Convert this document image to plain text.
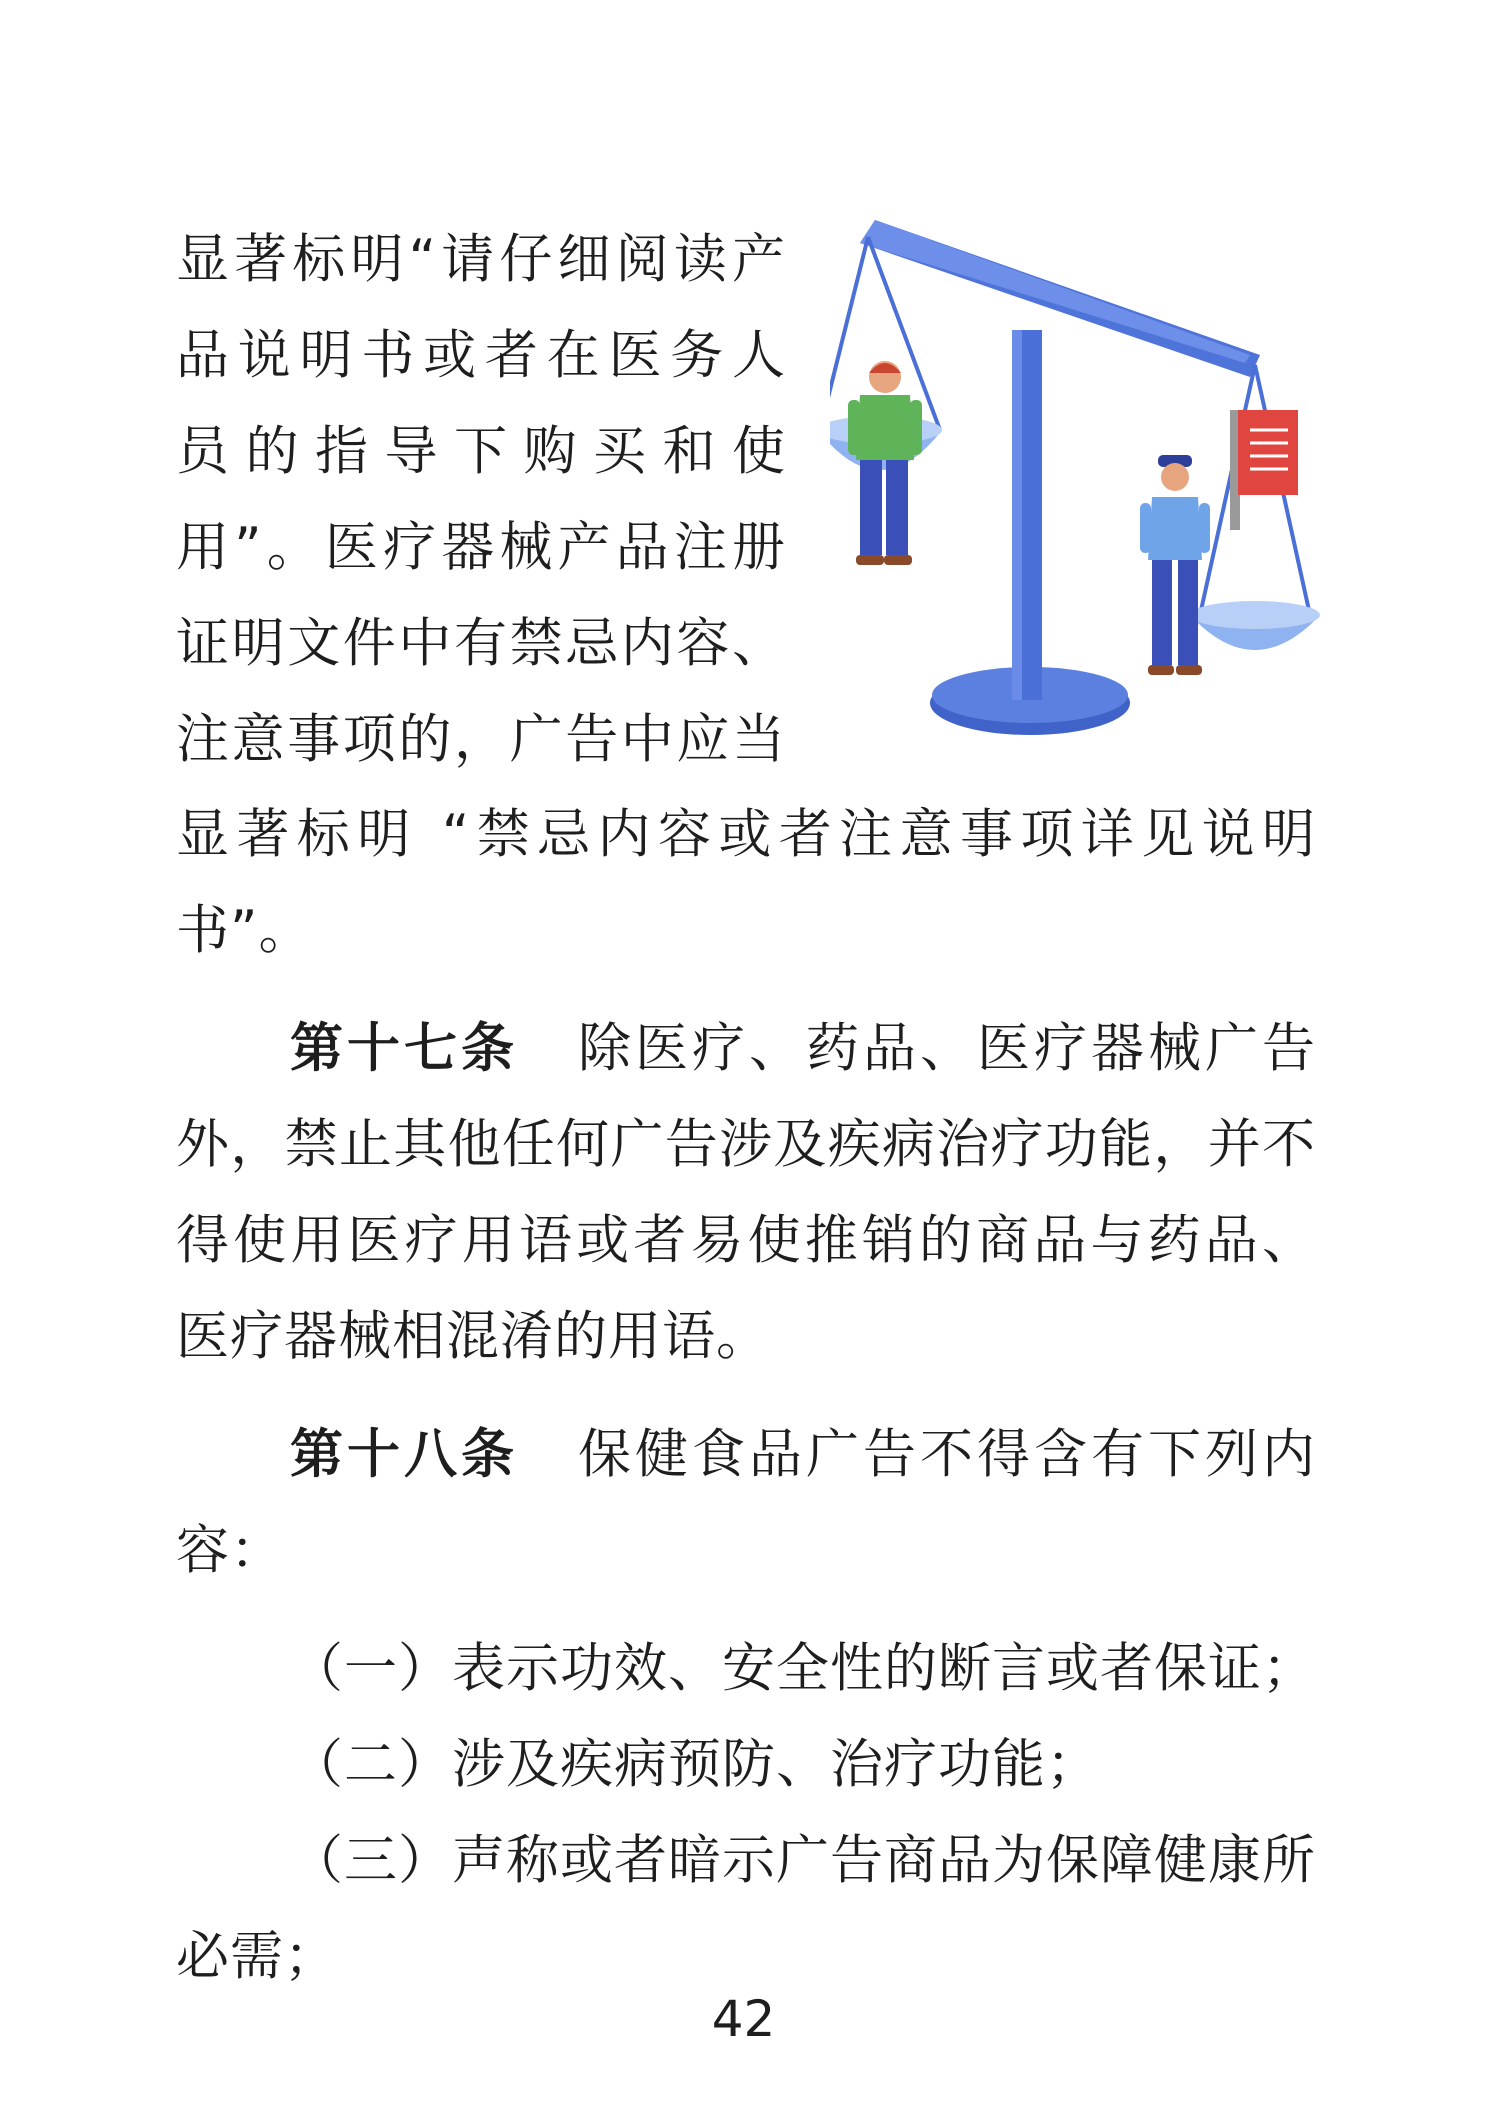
显著标明“请仔细阅读产
品说明书或者在医务人
员的指导下购买和使
用”。医疗器械产品注册
证明文件中有禁忌内容、
注意事项的，广告中应当
显著标明 “禁忌内容或者注意事项详见说明
书”。
第十七条 除医疗、药品、医疗器械广告
外，禁止其他任何广告涉及疾病治疗功能，并不
得使用医疗用语或者易使推销的商品与药品、
医疗器械相混淆的用语。
第十八条 保健食品广告不得含有下列内
容：
（一）表示功效、安全性的断言或者保证；
（二）涉及疾病预防、治疗功能；
（三）声称或者暗示广告商品为保障健康所
必需；
42
